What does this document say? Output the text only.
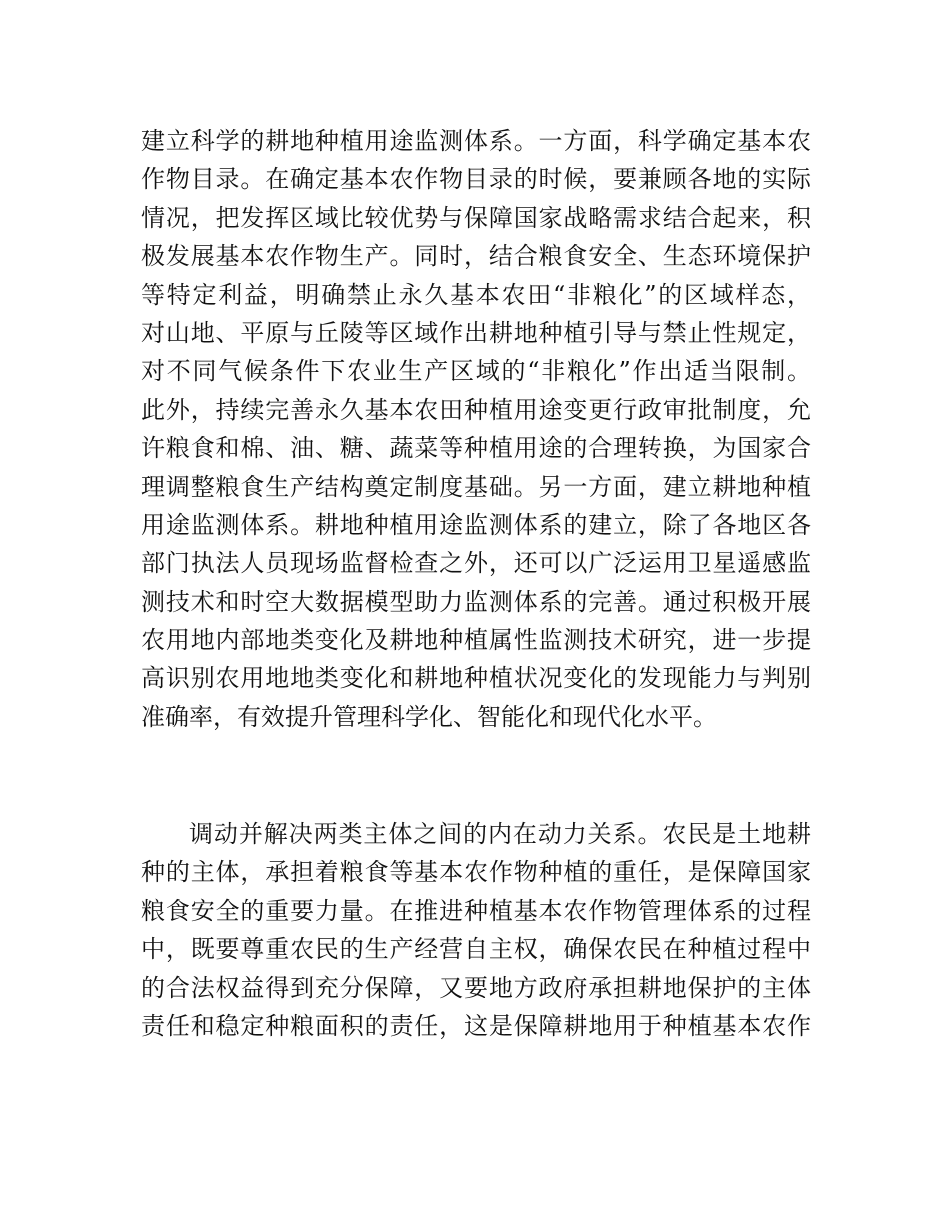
建立科学的耕地种植用途监测体系。一方面，科学确定基本农
作物目录。在确定基本农作物目录的时候，要兼顾各地的实际
情况，把发挥区域比较优势与保障国家战略需求结合起来，积
极发展基本农作物生产。同时，结合粮食安全、生态环境保护
等特定利益，明确禁止永久基本农田“非粮化”的区域样态，
对山地、平原与丘陵等区域作出耕地种植引导与禁止性规定，
对不同气候条件下农业生产区域的“非粮化”作出适当限制。
此外，持续完善永久基本农田种植用途变更行政审批制度，允
许粮食和棉、油、糖、蔬菜等种植用途的合理转换，为国家合
理调整粮食生产结构奠定制度基础。另一方面，建立耕地种植
用途监测体系。耕地种植用途监测体系的建立，除了各地区各
部门执法人员现场监督检查之外，还可以广泛运用卫星遥感监
测技术和时空大数据模型助力监测体系的完善。通过积极开展
农用地内部地类变化及耕地种植属性监测技术研究，进一步提
高识别农用地地类变化和耕地种植状况变化的发现能力与判别
准确率，有效提升管理科学化、智能化和现代化水平。
调动并解决两类主体之间的内在动力关系。农民是土地耕
种的主体，承担着粮食等基本农作物种植的重任，是保障国家
粮食安全的重要力量。在推进种植基本农作物管理体系的过程
中，既要尊重农民的生产经营自主权，确保农民在种植过程中
的合法权益得到充分保障，又要地方政府承担耕地保护的主体
责任和稳定种粮面积的责任，这是保障耕地用于种植基本农作
